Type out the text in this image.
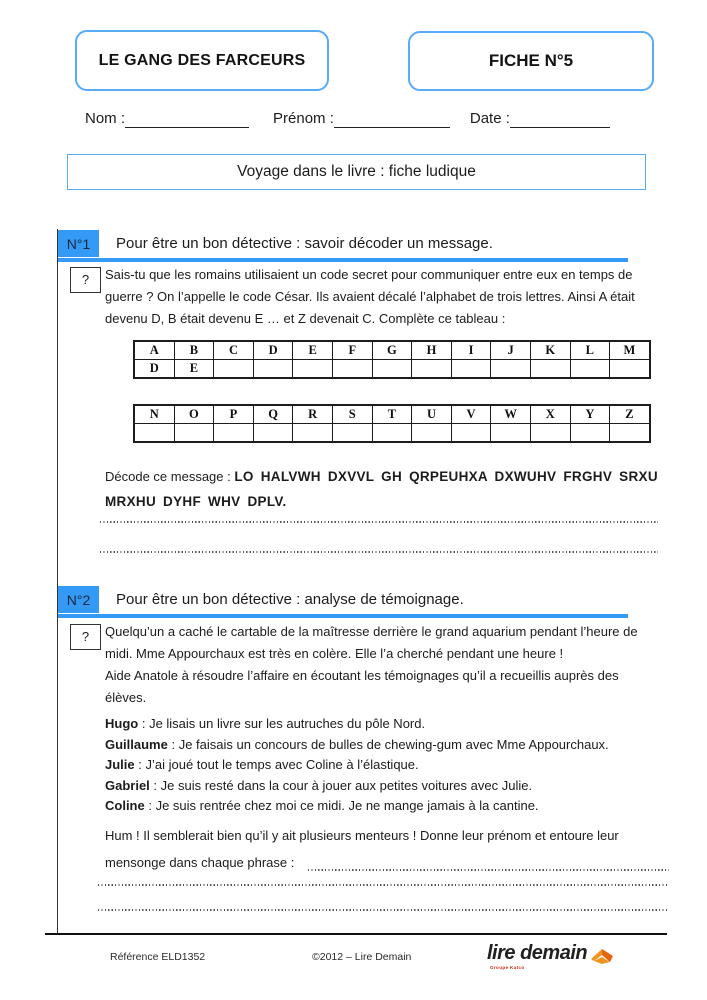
LE GANG DES FARCEURS	FICHE N°5
Nom :	Prénom :	Date :
Voyage dans le livre : fiche ludique
N°1	Pour être un bon détective : savoir décoder un message.
?	Sais-tu que les romains utilisaient un code secret pour communiquer entre eux en temps de
guerre ? On l’appelle le code César. Ils avaient décalé l’alphabet de trois lettres. Ainsi A était
devenu D, B était devenu E … et Z devenait C. Complète ce tableau :
A	B	C	D	E	F	G	H	I	J	K	L	M
D	E											
N	O	P	Q	R	S	T	U	V	W	X	Y	Z

Décode ce message : LO HALVWH DXVVL GH QRPEUHXA DXWUHV FRGHV SRXU
MRXHU DYHF WHV DPLV.
N°2	Pour être un bon détective : analyse de témoignage.
?	Quelqu’un a caché le cartable de la maîtresse derrière le grand aquarium pendant l’heure de
midi. Mme Appourchaux est très en colère. Elle l’a cherché pendant une heure !
Aide Anatole à résoudre l’affaire en écoutant les témoignages qu’il a recueillis auprès des
élèves.
Hugo : Je lisais un livre sur les autruches du pôle Nord.
Guillaume : Je faisais un concours de bulles de chewing-gum avec Mme Appourchaux.
Julie : J’ai joué tout le temps avec Coline à l’élastique.
Gabriel : Je suis resté dans la cour à jouer aux petites voitures avec Julie.
Coline : Je suis rentrée chez moi ce midi. Je ne mange jamais à la cantine.
Hum ! Il semblerait bien qu’il y ait plusieurs menteurs ! Donne leur prénom et entoure leur
mensonge dans chaque phrase :
Référence ELD1352	©2012 – Lire Demain	lire demain
Groupe Katco
